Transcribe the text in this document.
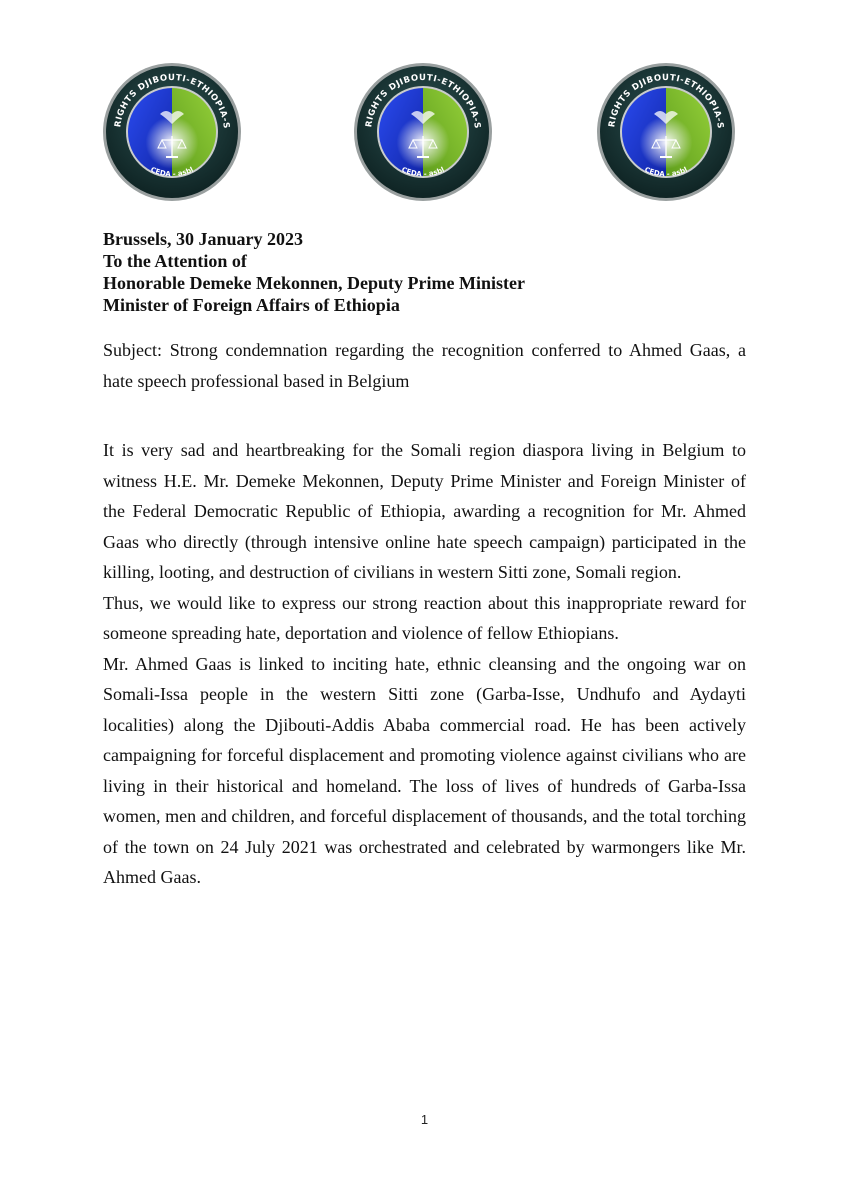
RIGHTS DJIBOUTI-ETHIOPIA-S
CEDA - asbl
RIGHTS DJIBOUTI-ETHIOPIA-S
CEDA - asbl
RIGHTS DJIBOUTI-ETHIOPIA-S
CEDA - asbl
Brussels, 30 January 2023
To the Attention of
Honorable Demeke Mekonnen, Deputy Prime Minister
Minister of Foreign Affairs of Ethiopia

Subject: Strong condemnation regarding the recognition conferred to Ahmed Gaas, a hate speech professional based in Belgium

It is very sad and heartbreaking for the Somali region diaspora living in Belgium to witness H.E. Mr. Demeke Mekonnen, Deputy Prime Minister and Foreign Minister of the Federal Democratic Republic of Ethiopia, awarding a recognition for Mr. Ahmed Gaas who directly (through intensive online hate speech campaign) participated in the killing, looting, and destruction of civilians in western Sitti zone, Somali region.

Thus, we would like to express our strong reaction about this inappropriate reward for someone spreading hate, deportation and violence of fellow Ethiopians.

Mr. Ahmed Gaas is linked to inciting hate, ethnic cleansing and the ongoing war on Somali-Issa people in the western Sitti zone (Garba-Isse, Undhufo and Aydayti localities) along the Djibouti-Addis Ababa commercial road. He has been actively campaigning for forceful displacement and promoting violence against civilians who are living in their historical and homeland. The loss of lives of hundreds of Garba-Issa women, men and children, and forceful displacement of thousands, and the total torching of the town on 24 July 2021 was orchestrated and celebrated by warmongers like Mr. Ahmed Gaas.

1
